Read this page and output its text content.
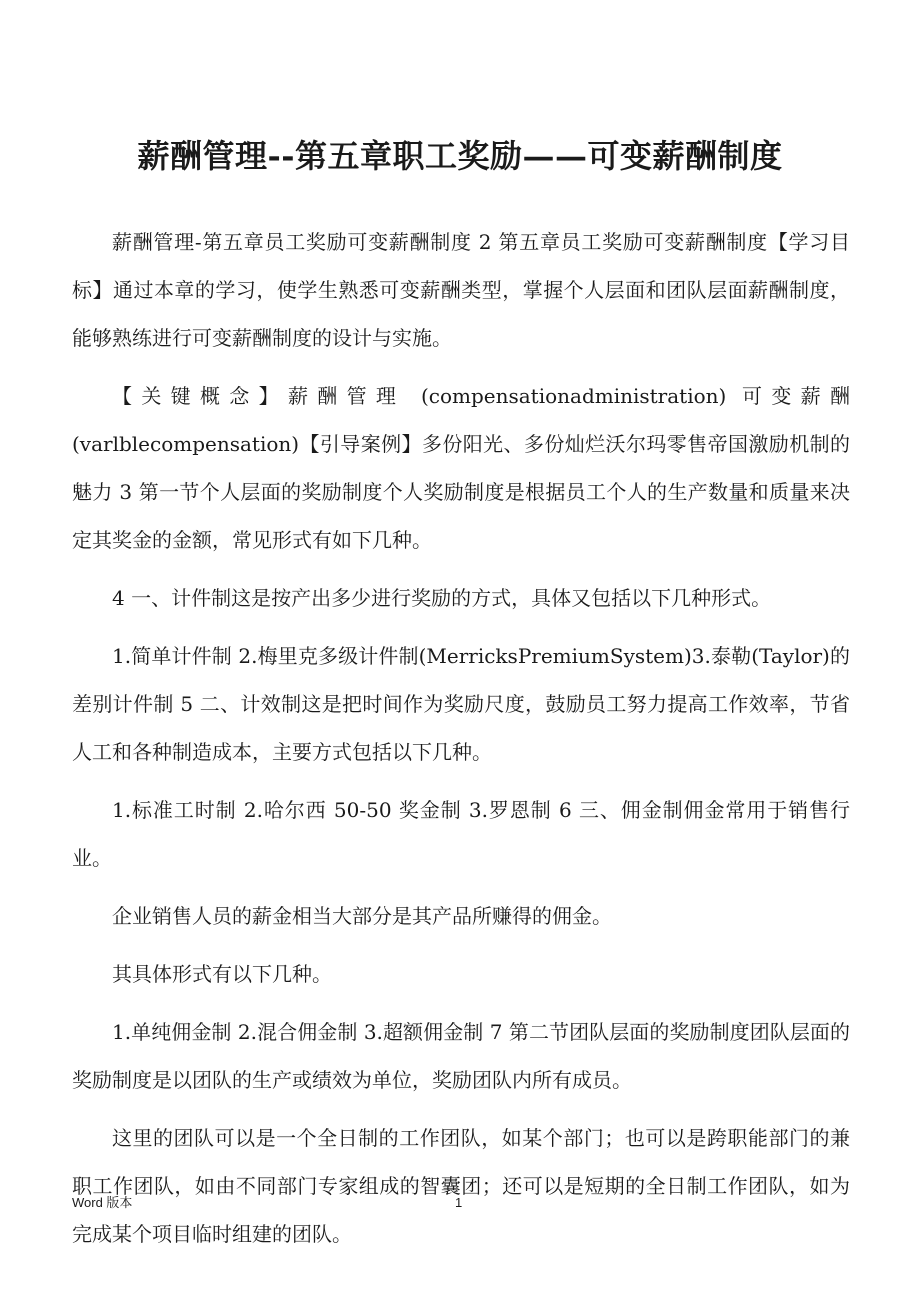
薪酬管理--第五章职工奖励——可变薪酬制度

薪酬管理-第五章员工奖励可变薪酬制度 2 第五章员工奖励可变薪酬制度【学习目标】通过本章的学习，使学生熟悉可变薪酬类型，掌握个人层面和团队层面薪酬制度，能够熟练进行可变薪酬制度的设计与实施。

【关键概念】薪酬管理 (compensationadministration) 可变薪酬 (varlblecompensation)【引导案例】多份阳光、多份灿烂沃尔玛零售帝国激励机制的魅力 3 第一节个人层面的奖励制度个人奖励制度是根据员工个人的生产数量和质量来决定其奖金的金额，常见形式有如下几种。

4 一、计件制这是按产出多少进行奖励的方式，具体又包括以下几种形式。

1.简单计件制 2.梅里克多级计件制(MerricksPremiumSystem)3.泰勒(Taylor)的差别计件制 5 二、计效制这是把时间作为奖励尺度，鼓励员工努力提高工作效率，节省人工和各种制造成本，主要方式包括以下几种。

1.标准工时制 2.哈尔西 50-50 奖金制 3.罗恩制 6 三、佣金制佣金常用于销售行业。

企业销售人员的薪金相当大部分是其产品所赚得的佣金。

其具体形式有以下几种。

1.单纯佣金制 2.混合佣金制 3.超额佣金制 7 第二节团队层面的奖励制度团队层面的奖励制度是以团队的生产或绩效为单位，奖励团队内所有成员。

这里的团队可以是一个全日制的工作团队，如某个部门；也可以是跨职能部门的兼职工作团队，如由不同部门专家组成的智囊团；还可以是短期的全日制工作团队，如为完成某个项目临时组建的团队。

Word 版本	1
